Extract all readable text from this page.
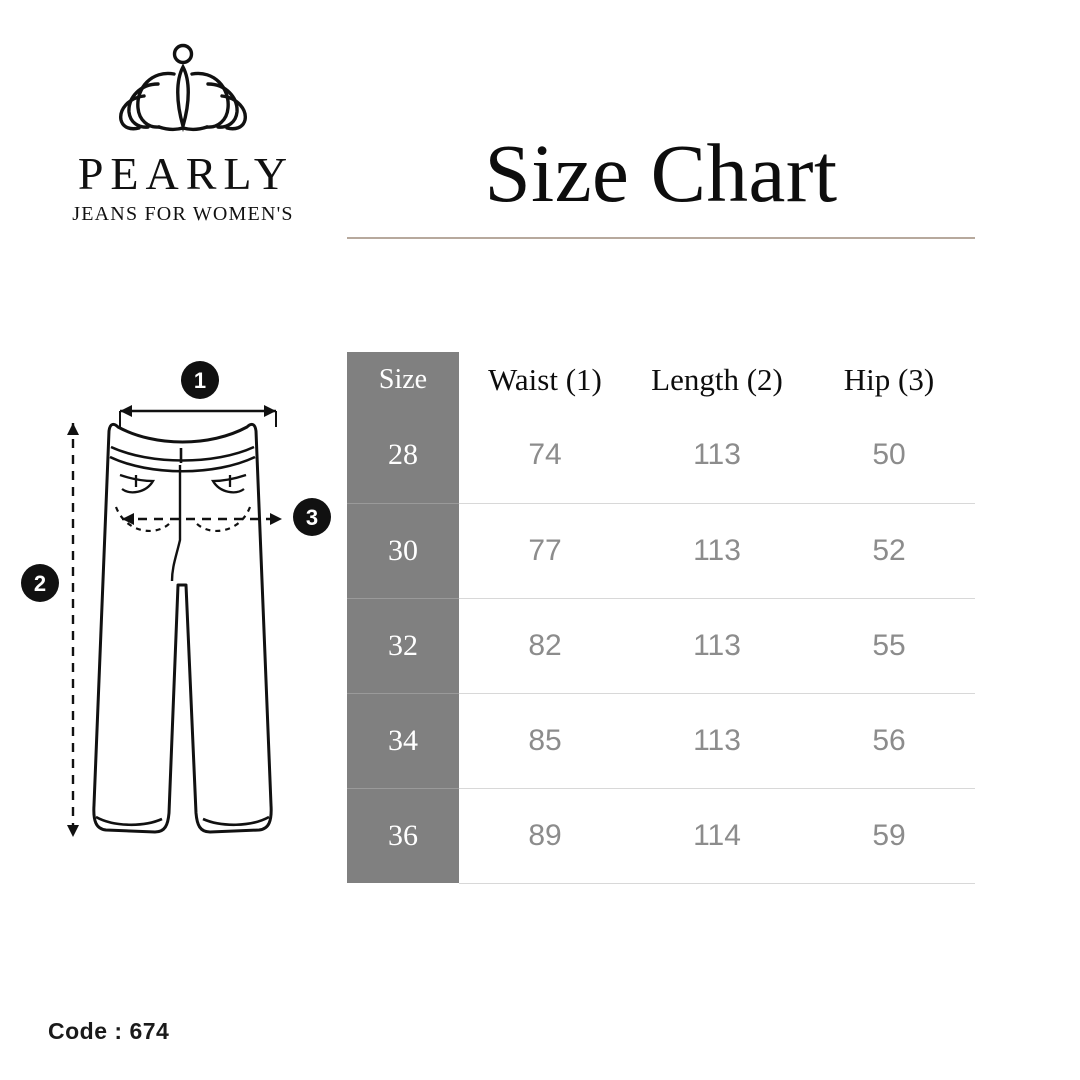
PEARLY
JEANS FOR WOMEN'S	Size Chart
1
3
2
Size	Waist (1)	Length (2)	Hip (3)
28	74	113	50
30	77	113	52
32	82	113	55
34	85	113	56
36	89	114	59
Code : 674
